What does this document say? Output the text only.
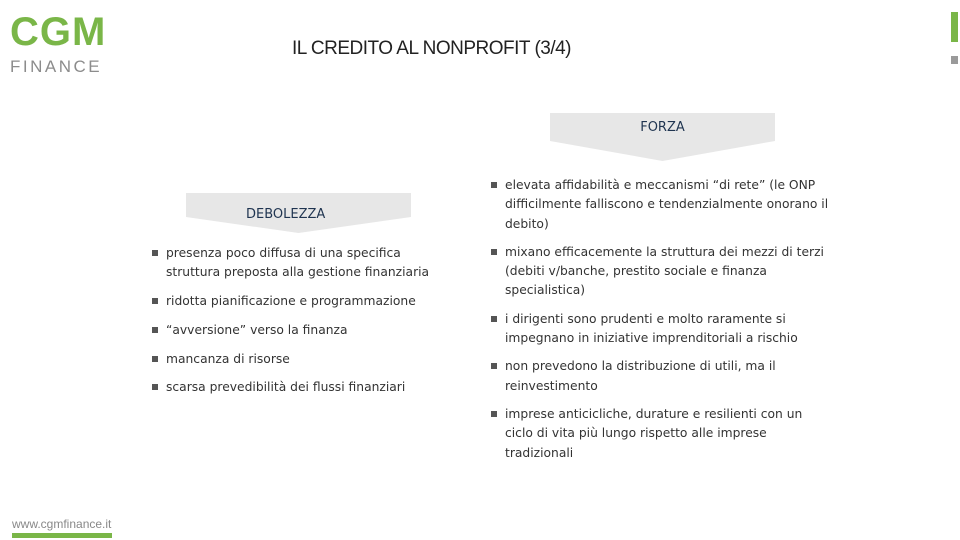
CGM
FINANCE
IL CREDITO AL NONPROFIT (3/4)
FORZA
elevata affidabilità e meccanismi “di rete” (le ONP difficilmente falliscono e tendenzialmente onorano il debito)
mixano efficacemente la struttura dei mezzi di terzi (debiti v/banche, prestito sociale e finanza specialistica)
i dirigenti sono prudenti e molto raramente si impegnano in iniziative imprenditoriali a rischio
non prevedono la distribuzione di utili, ma il reinvestimento
imprese anticicliche, durature e resilienti con un ciclo di vita più lungo rispetto alle imprese tradizionali
DEBOLEZZA
presenza poco diffusa di una specifica struttura preposta alla gestione finanziaria
ridotta pianificazione e programmazione
“avversione” verso la finanza
mancanza di risorse
scarsa prevedibilità dei flussi finanziari
www.cgmfinance.it
